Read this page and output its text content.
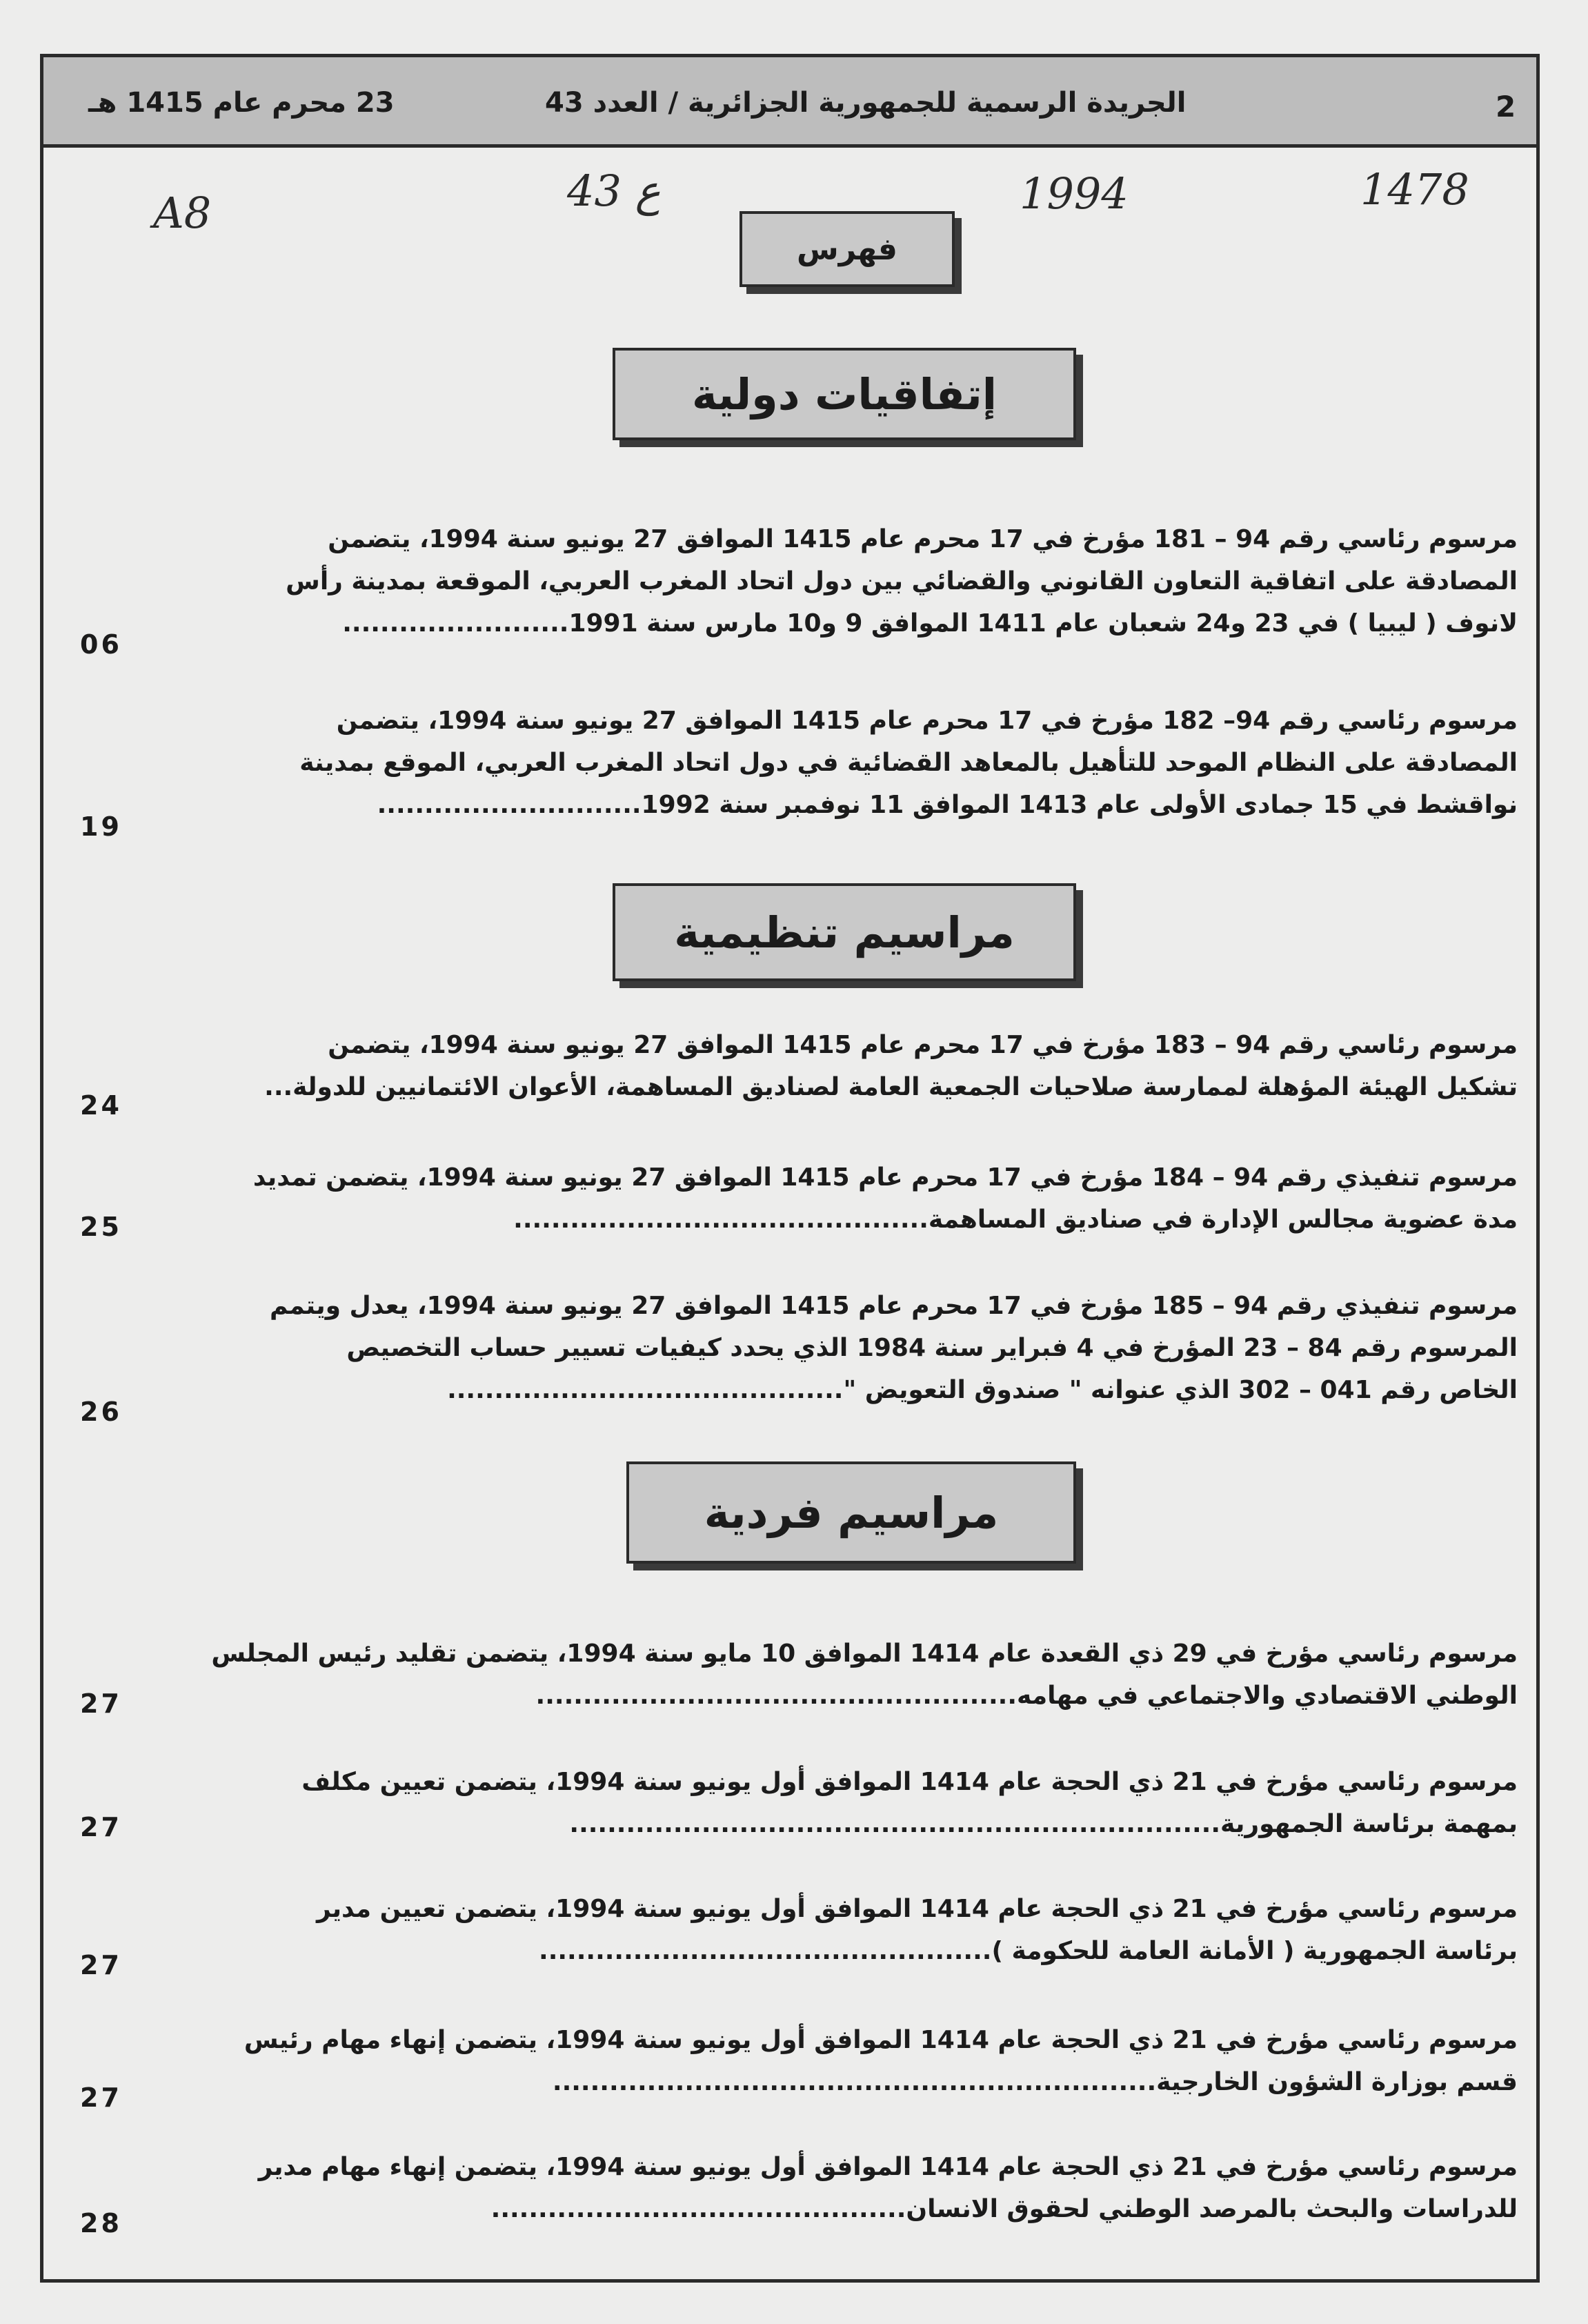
2
الجريدة الرسمية للجمهورية الجزائرية / العدد 43
23 محرم عام 1415 هـ
A8	43 ع	1994	1478
فهرس
إتفاقيات دولية
مرسوم رئاسي رقم 94 – 181 مؤرخ في 17 محرم عام 1415 الموافق 27 يونيو سنة 1994، يتضمن
المصادقة على اتفاقية التعاون القانوني والقضائي بين دول اتحاد المغرب العربي، الموقعة بمدينة رأس
لانوف ( ليبيا ) في 23 و24 شعبان عام 1411 الموافق 9 و10 مارس سنة 1991........................
06
مرسوم رئاسي رقم 94– 182 مؤرخ في 17 محرم عام 1415 الموافق 27 يونيو سنة 1994، يتضمن
المصادقة على النظام الموحد للتأهيل بالمعاهد القضائية في دول اتحاد المغرب العربي، الموقع بمدينة
نواقشط في 15 جمادى الأولى عام 1413 الموافق 11 نوفمبر سنة 1992............................
19
مراسيم تنظيمية
مرسوم رئاسي رقم 94 – 183 مؤرخ في 17 محرم عام 1415 الموافق 27 يونيو سنة 1994، يتضمن
تشكيل الهيئة المؤهلة لممارسة صلاحيات الجمعية العامة لصناديق المساهمة، الأعوان الائتمانيين للدولة...
24
مرسوم تنفيذي رقم 94 – 184 مؤرخ في 17 محرم عام 1415 الموافق 27 يونيو سنة 1994، يتضمن تمديد
مدة عضوية مجالس الإدارة في صناديق المساهمة............................................
25
مرسوم تنفيذي رقم 94 – 185 مؤرخ في 17 محرم عام 1415 الموافق 27 يونيو سنة 1994، يعدل ويتمم
المرسوم رقم 84 – 23 المؤرخ في 4 فبراير سنة 1984 الذي يحدد كيفيات تسيير حساب التخصيص
الخاص رقم 041 – 302 الذي عنوانه " صندوق التعويض "..........................................
26
مراسيم فردية
مرسوم رئاسي مؤرخ في 29 ذي القعدة عام 1414 الموافق 10 مايو سنة 1994، يتضمن تقليد رئيس المجلس
الوطني الاقتصادي والاجتماعي في مهامه...................................................
27
مرسوم رئاسي مؤرخ في 21 ذي الحجة عام 1414 الموافق أول يونيو سنة 1994، يتضمن تعيين مكلف
بمهمة برئاسة الجمهورية.....................................................................
27
مرسوم رئاسي مؤرخ في 21 ذي الحجة عام 1414 الموافق أول يونيو سنة 1994، يتضمن تعيين مدير
برئاسة الجمهورية ( الأمانة العامة للحكومة )................................................
27
مرسوم رئاسي مؤرخ في 21 ذي الحجة عام 1414 الموافق أول يونيو سنة 1994، يتضمن إنهاء مهام رئيس
قسم بوزارة الشؤون الخارجية................................................................
27
مرسوم رئاسي مؤرخ في 21 ذي الحجة عام 1414 الموافق أول يونيو سنة 1994، يتضمن إنهاء مهام مدير
للدراسات والبحث بالمرصد الوطني لحقوق الانسان............................................
28
